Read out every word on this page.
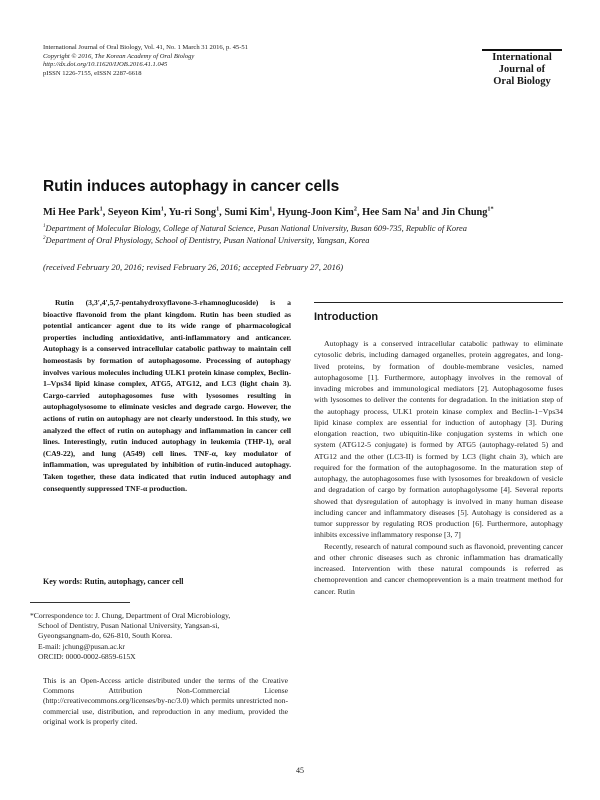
International Journal of Oral Biology, Vol. 41, No. 1 March 31 2016, p. 45-51
Copyright © 2016, The Korean Academy of Oral Biology
http://dx.doi.org/10.11620/IJOB.2016.41.1.045
pISSN 1226-7155, eISSN 2287-6618
International
Journal of
Oral Biology
Rutin induces autophagy in cancer cells
Mi Hee Park$^1$, Seyeon Kim$^1$, Yu-ri Song$^1$, Sumi Kim$^1$, Hyung-Joon Kim$^2$, Hee Sam Na$^1$ and Jin Chung$^{1*}$
$^1$Department of Molecular Biology, College of Natural Science, Pusan National University, Busan 609-735, Republic of Korea
$^2$Department of Oral Physiology, School of Dentistry, Pusan National University, Yangsan, Korea
(received February 20, 2016; revised February 26, 2016; accepted February 27, 2016)
Rutin (3,3′,4′,5,7-pentahydroxyflavone-3-rhamnoglucoside) is a bioactive flavonoid from the plant kingdom. Rutin has been studied as potential anticancer agent due to its wide range of pharmacological properties including antioxidative, anti-inflammatory and anticancer. Autophagy is a conserved intracellular catabolic pathway to maintain cell homeostasis by formation of autophagosome. Processing of autophagy involves various molecules including ULK1 protein kinase complex, Beclin-1–Vps34 lipid kinase complex, ATG5, ATG12, and LC3 (light chain 3). Cargo-carried autophagosomes fuse with lysosomes resulting in autophagolysosome to eliminate vesicles and degrade cargo. However, the actions of rutin on autophagy are not clearly understood. In this study, we analyzed the effect of rutin on autophagy and inflammation in cancer cell lines. Interestingly, rutin induced autophagy in leukemia (THP-1), oral (CA9-22), and lung (A549) cell lines. TNF-α, key modulator of inflammation, was upregulated by inhibition of rutin-induced autophagy. Taken together, these data indicated that rutin induced autophagy and consequently suppressed TNF-α production.
Key words: Rutin, autophagy, cancer cell
*Correspondence to: J. Chung, Department of Oral Microbiology,
School of Dentistry, Pusan National University, Yangsan-si,
Gyeongsangnam-do, 626-810, South Korea.
E-mail: jchung@pusan.ac.kr
ORCID: 0000-0002-6859-615X
This is an Open-Access article distributed under the terms of the Creative Commons Attribution Non-Commercial License (http://creativecommons.org/licenses/by-nc/3.0) which permits unrestricted non-commercial use, distribution, and reproduction in any medium, provided the original work is properly cited.
Introduction

Autophagy is a conserved intracellular catabolic pathway to eliminate cytosolic debris, including damaged organelles, protein aggregates, and long-lived proteins, by formation of double-membrane vesicles, named autophagosome [1]. Furthermore, autophagy involves in the removal of invading microbes and immunological mediators [2]. Autophagosome fuses with lysosomes to deliver the contents for degradation. In the initiation step of the autophagy process, ULK1 protein kinase complex and Beclin-1−Vps34 lipid kinase complex are essential for induction of autophagy [3]. During elongation reaction, two ubiquitin-like conjugation systems in which one system (ATG12-5 conjugate) is formed by ATG5 (autophagy-related 5) and ATG12 and the other (LC3-II) is formed by LC3 (light chain 3), which are required for the formation of the autophagosome. In the maturation step of autophagy, the autophagosomes fuse with lysosomes for breakdown of vesicle and degradation of cargo by formation autophagolysome [4]. Several reports showed that dysregulation of autophagy is involved in many human disease including cancer and inflammatory diseases [5]. Autohagy is considered as a tumor suppressor by regulating ROS production [6]. Furthermore, autophagy inhibits excessive inflammatory response [3, 7]

Recently, research of natural compound such as flavonoid, preventing cancer and other chronic diseases such as chronic inflammation has dramatically increased. Intervention with these natural compounds is referred as chemoprevention and cancer chemoprevention is a main treatment method for cancer. Rutin

45
